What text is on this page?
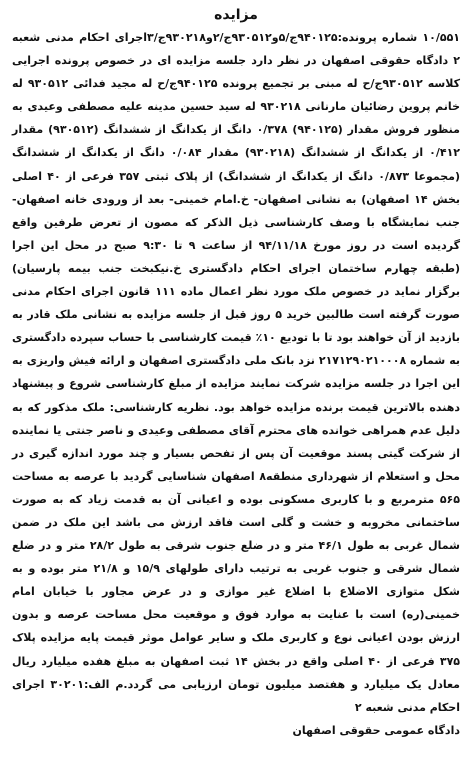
مزایده

۱۰/۵۵۱ شماره پرونده:۹۴۰۱۲۵ج/۵و۹۳۰۵۱۲ج/۲و۹۳۰۲۱۸ج/۳اجرای احکام مدنی شعبه ۲ دادگاه حقوقی اصفهان در نظر دارد جلسه مزایده ای در خصوص پرونده اجرایی کلاسه ۹۳۰۵۱۲ج/ح له مبنی بر تجمیع پرونده ۹۴۰۱۲۵ج/ح له مجید فدائی ۹۳۰۵۱۲ له خانم پروین رضائیان مارنانی ۹۳۰۲۱۸ له سید حسین مدینه علیه مصطفی وعیدی به منظور فروش مقدار (۹۴۰۱۲۵) ۰/۳۷۸ دانگ از یکدانگ از ششدانگ (۹۳۰۵۱۲) مقدار ۰/۴۱۲ از یکدانگ از ششدانگ (۹۳۰۲۱۸) مقدار ۰/۰۸۴ دانگ از یکدانگ از ششدانگ (مجموعا ۰/۸۷۳ دانگ از یکدانگ از ششدانگ) از پلاک ثبتی ۳۵۷ فرعی از ۴۰ اصلی بخش ۱۴ اصفهان) به نشانی اصفهان- خ.امام خمینی- بعد از ورودی خانه اصفهان- جنب نمایشگاه با وصف کارشناسی ذیل الذکر که مصون از تعرض طرفین واقع گردیده است در روز مورخ ۹۴/۱۱/۱۸ از ساعت ۹ تا ۹:۳۰ صبح در محل این اجرا (طبقه چهارم ساختمان اجرای احکام دادگستری خ.نیکبخت جنب بیمه پارسیان) برگزار نماید در خصوص ملک مورد نظر اعمال ماده ۱۱۱ قانون اجرای احکام مدنی صورت گرفته است طالبین خرید ۵ روز قبل از جلسه مزایده به نشانی ملک قادر به بازدید از آن خواهند بود تا با تودیع ۱۰٪ قیمت کارشناسی با حساب سپرده دادگستری به شماره ۲۱۷۱۲۹۰۲۱۰۰۰۸ نزد بانک ملی دادگستری اصفهان و ارائه فیش واریزی به این اجرا در جلسه مزایده شرکت نمایند مزایده از مبلغ کارشناسی شروع و پیشنهاد دهنده بالاترین قیمت برنده مزایده خواهد بود. نظریه کارشناسی: ملک مذکور که به دلیل عدم همراهی خوانده های محترم آقای مصطفی وعیدی و ناصر جنتی یا نماینده از شرکت گیتی پسند موقعیت آن پس از تفحص بسیار و چند مورد اندازه گیری در محل و استعلام از شهرداری منطقه۸ اصفهان شناسایی گردید با عرصه به مساحت ۵۶۵ مترمربع و با کاربری مسکونی بوده و اعیانی آن به قدمت زیاد که به صورت ساختمانی مخروبه و خشت و گلی است فاقد ارزش می باشد این ملک در ضمن شمال غربی به طول ۴۶/۱ متر و در ضلع جنوب شرقی به طول ۲۸/۲ متر و در ضلع شمال شرقی و جنوب غربی به ترتیب دارای طولهای ۱۵/۹ و ۲۱/۸ متر بوده و به شکل متوازی الاضلاع با اضلاع غیر موازی و در عرض مجاور با خیابان امام خمینی(ره) است با عنایت به موارد فوق و موقعیت محل مساحت عرصه و بدون ارزش بودن اعیانی نوع و کاربری ملک و سایر عوامل موثر قیمت پایه مزایده پلاک ۳۷۵ فرعی از ۴۰ اصلی واقع در بخش ۱۴ ثبت اصفهان به مبلغ هفده میلیارد ریال معادل یک میلیارد و هفتصد میلیون تومان ارزیابی می گردد.م الف:۳۰۲۰۱ اجرای احکام مدنی شعبه ۲

دادگاه عمومی حقوقی اصفهان
